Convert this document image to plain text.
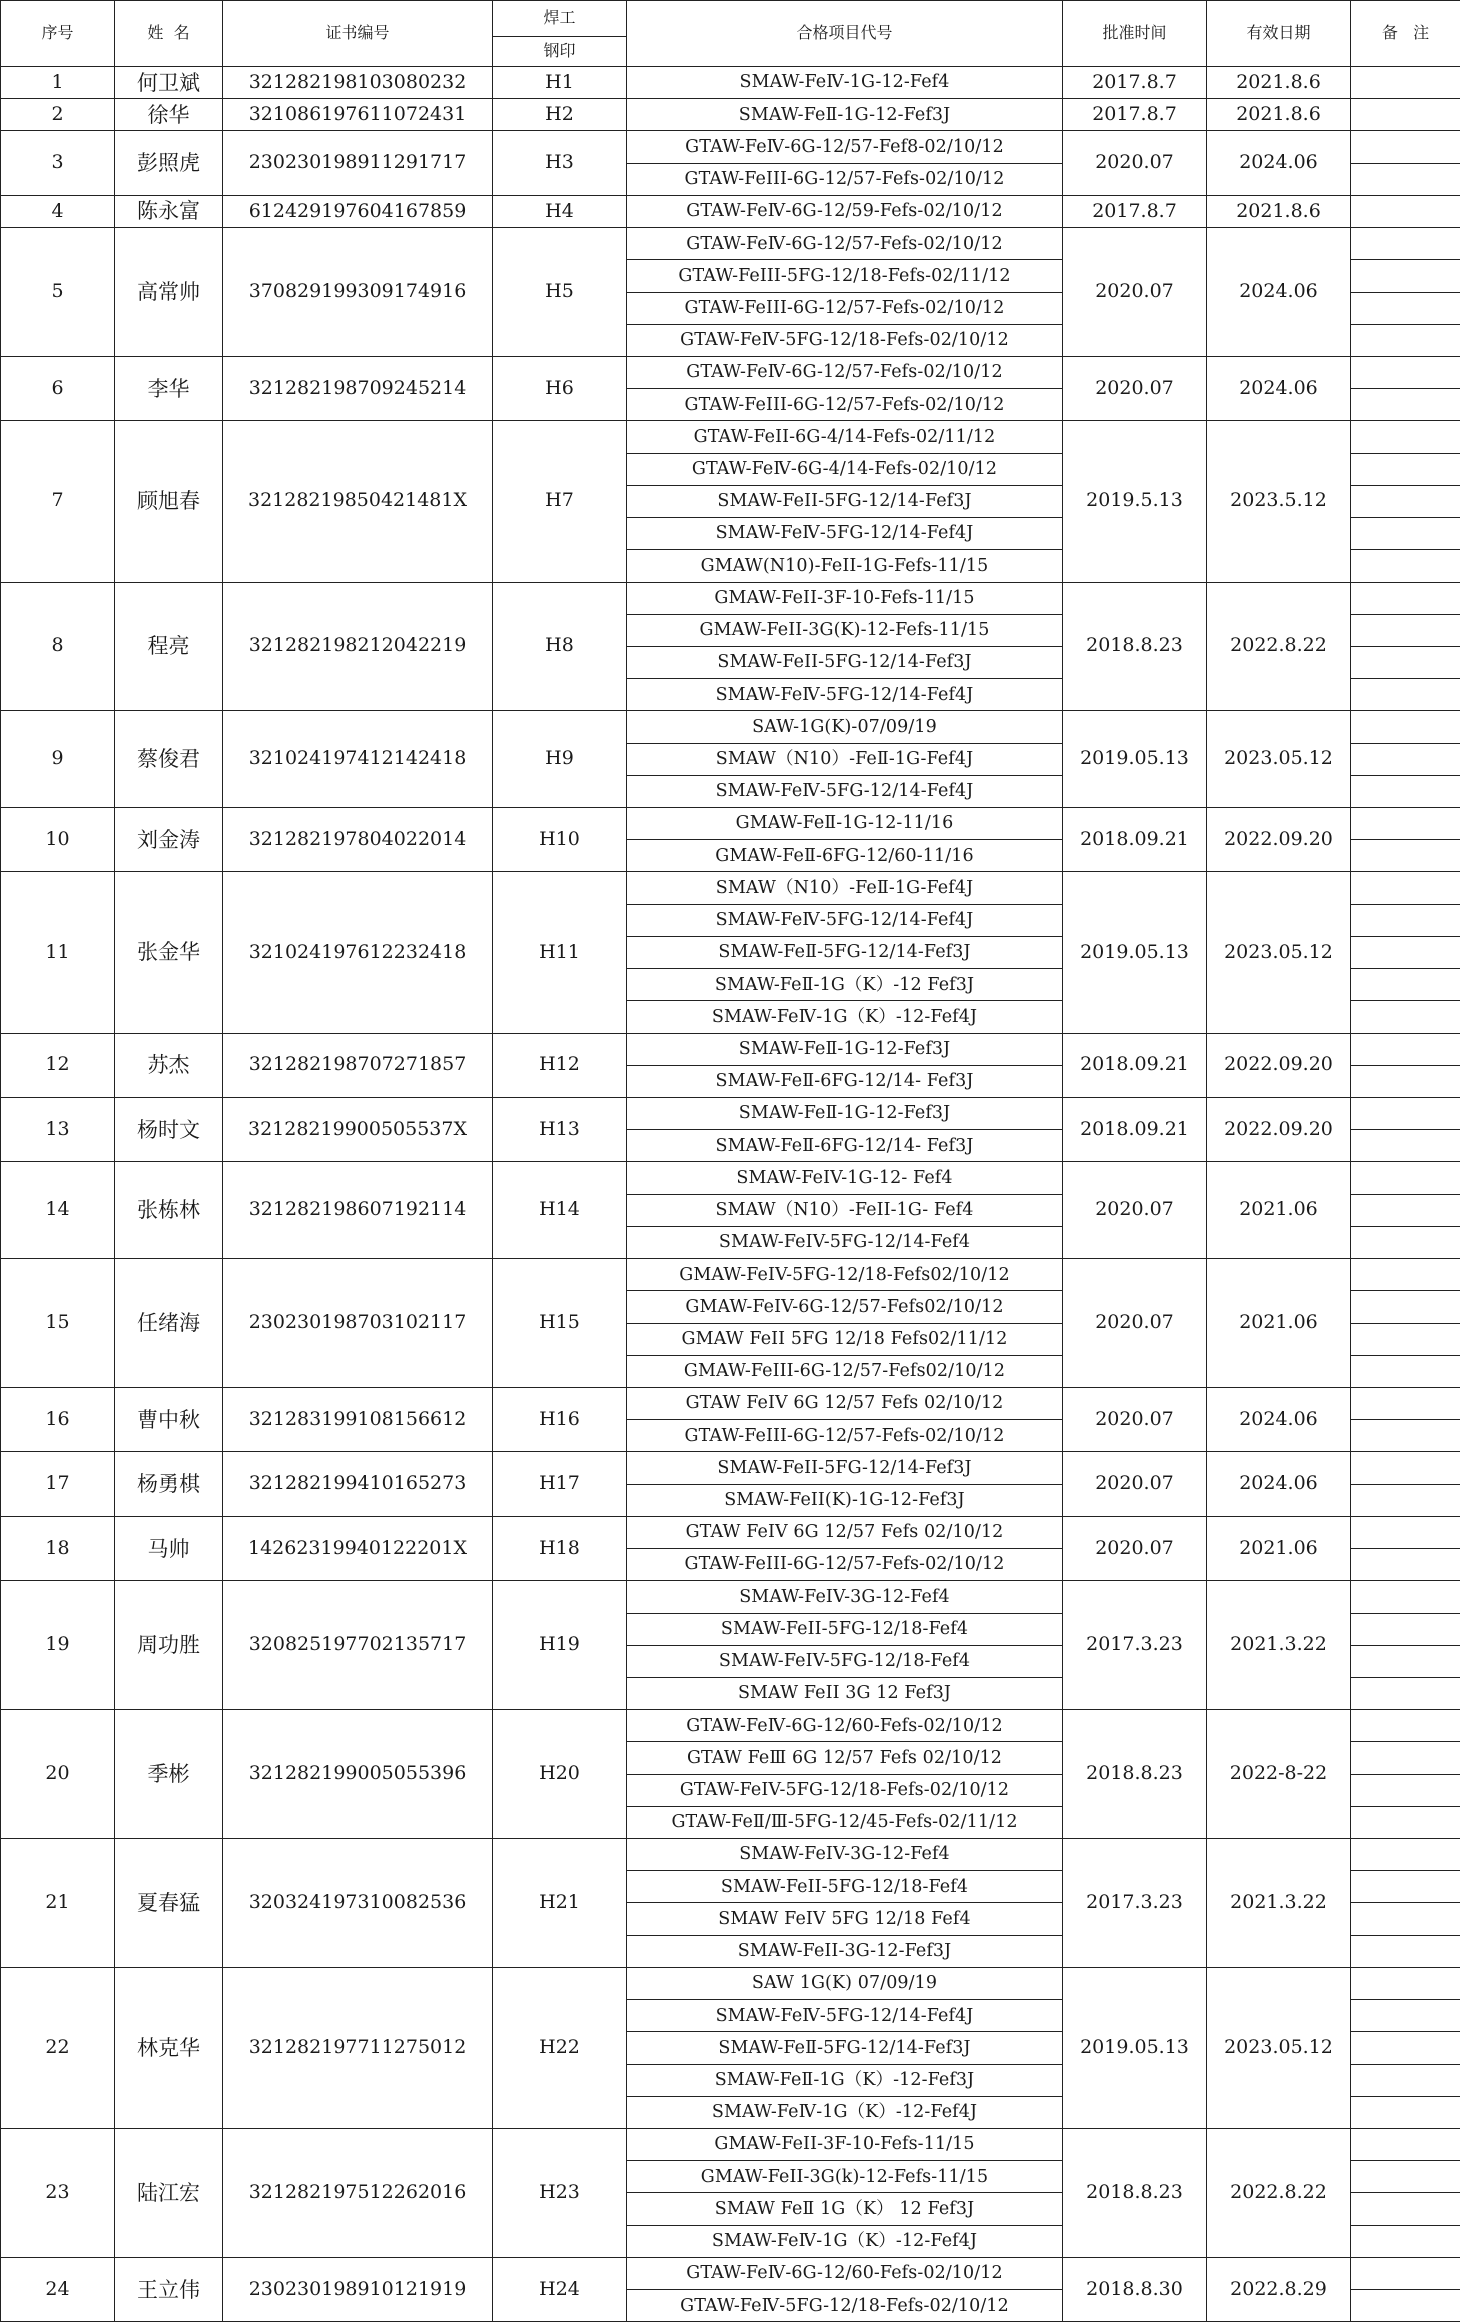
序号	姓  名	证书编号	焊工	合格项目代号	批准时间	有效日期	备   注
			钢印				
1	何卫斌	321282198103080232	H1	SMAW-FeⅣ-1G-12-Fef4	2017.8.7	2021.8.6	
2	徐华	321086197611072431	H2	SMAW-FeⅡ-1G-12-Fef3J	2017.8.7	2021.8.6	
3	彭照虎	230230198911291717	H3	GTAW-FeⅣ-6G-12/57-Fef8-02/10/12	2020.07	2024.06	
				GTAW-FeIII-6G-12/57-Fefs-02/10/12			
4	陈永富	612429197604167859	H4	GTAW-FeⅣ-6G-12/59-Fefs-02/10/12	2017.8.7	2021.8.6	
5	高常帅	370829199309174916	H5	GTAW-FeⅣ-6G-12/57-Fefs-02/10/12	2020.07	2024.06	
				GTAW-FeIII-5FG-12/18-Fefs-02/11/12			
				GTAW-FeIII-6G-12/57-Fefs-02/10/12			
				GTAW-FeⅣ-5FG-12/18-Fefs-02/10/12			
6	李华	321282198709245214	H6	GTAW-FeⅣ-6G-12/57-Fefs-02/10/12	2020.07	2024.06	
				GTAW-FeIII-6G-12/57-Fefs-02/10/12			
7	顾旭春	32128219850421481X	H7	GTAW-FeII-6G-4/14-Fefs-02/11/12	2019.5.13	2023.5.12	
				GTAW-FeⅣ-6G-4/14-Fefs-02/10/12			
				SMAW-FeII-5FG-12/14-Fef3J			
				SMAW-FeⅣ-5FG-12/14-Fef4J			
				GMAW(N10)-FeII-1G-Fefs-11/15			
8	程亮	321282198212042219	H8	GMAW-FeII-3F-10-Fefs-11/15	2018.8.23	2022.8.22	
				GMAW-FeII-3G(K)-12-Fefs-11/15			
				SMAW-FeII-5FG-12/14-Fef3J			
				SMAW-FeⅣ-5FG-12/14-Fef4J			
9	蔡俊君	321024197412142418	H9	SAW-1G(K)-07/09/19	2019.05.13	2023.05.12	
				SMAW（N10）-FeⅡ-1G-Fef4J			
				SMAW-FeⅣ-5FG-12/14-Fef4J			
10	刘金涛	321282197804022014	H10	GMAW-FeⅡ-1G-12-11/16	2018.09.21	2022.09.20	
				GMAW-FeⅡ-6FG-12/60-11/16			
11	张金华	321024197612232418	H11	SMAW（N10）-FeⅡ-1G-Fef4J	2019.05.13	2023.05.12	
				SMAW-FeⅣ-5FG-12/14-Fef4J			
				SMAW-FeⅡ-5FG-12/14-Fef3J			
				SMAW-FeⅡ-1G（K）-12 Fef3J			
				SMAW-FeⅣ-1G（K）-12-Fef4J			
12	苏杰	321282198707271857	H12	SMAW-FeⅡ-1G-12-Fef3J	2018.09.21	2022.09.20	
				SMAW-FeⅡ-6FG-12/14- Fef3J			
13	杨时文	32128219900505537X	H13	SMAW-FeⅡ-1G-12-Fef3J	2018.09.21	2022.09.20	
				SMAW-FeⅡ-6FG-12/14- Fef3J			
14	张栋林	321282198607192114	H14	SMAW-FeIV-1G-12- Fef4	2020.07	2021.06	
				SMAW（N10）-FeII-1G- Fef4			
				SMAW-FeIV-5FG-12/14-Fef4			
15	任绪海	230230198703102117	H15	GMAW-FeIV-5FG-12/18-Fefs02/10/12	2020.07	2021.06	
				GMAW-FeIV-6G-12/57-Fefs02/10/12			
				GMAW FeII 5FG 12/18 Fefs02/11/12			
				GMAW-FeIII-6G-12/57-Fefs02/10/12			
16	曹中秋	321283199108156612	H16	GTAW FeIV 6G 12/57 Fefs 02/10/12	2020.07	2024.06	
				GTAW-FeIII-6G-12/57-Fefs-02/10/12			
17	杨勇棋	321282199410165273	H17	SMAW-FeII-5FG-12/14-Fef3J	2020.07	2024.06	
				SMAW-FeII(K)-1G-12-Fef3J			
18	马帅	14262319940122201X	H18	GTAW FeIV 6G 12/57 Fefs 02/10/12	2020.07	2021.06	
				GTAW-FeIII-6G-12/57-Fefs-02/10/12			
19	周功胜	320825197702135717	H19	SMAW-FeIV-3G-12-Fef4	2017.3.23	2021.3.22	
				SMAW-FeII-5FG-12/18-Fef4			
				SMAW-FeIV-5FG-12/18-Fef4			
				SMAW FeII 3G 12 Fef3J			
20	季彬	321282199005055396	H20	GTAW-FeⅣ-6G-12/60-Fefs-02/10/12	2018.8.23	2022-8-22	
				GTAW FeⅢ 6G 12/57 Fefs 02/10/12			
				GTAW-FeIV-5FG-12/18-Fefs-02/10/12			
				GTAW-FeⅡ/Ⅲ-5FG-12/45-Fefs-02/11/12			
21	夏春猛	320324197310082536	H21	SMAW-FeIV-3G-12-Fef4	2017.3.23	2021.3.22	
				SMAW-FeII-5FG-12/18-Fef4			
				SMAW FeIV 5FG 12/18 Fef4			
				SMAW-FeII-3G-12-Fef3J			
22	林克华	321282197711275012	H22	SAW 1G(K) 07/09/19	2019.05.13	2023.05.12	
				SMAW-FeⅣ-5FG-12/14-Fef4J			
				SMAW-FeⅡ-5FG-12/14-Fef3J			
				SMAW-FeⅡ-1G（K）-12-Fef3J			
				SMAW-FeⅣ-1G（K）-12-Fef4J			
23	陆江宏	321282197512262016	H23	GMAW-FeII-3F-10-Fefs-11/15	2018.8.23	2022.8.22	
				GMAW-FeII-3G(k)-12-Fefs-11/15			
				SMAW FeⅡ 1G（K） 12 Fef3J			
				SMAW-FeⅣ-1G（K）-12-Fef4J			
24	王立伟	230230198910121919	H24	GTAW-FeⅣ-6G-12/60-Fefs-02/10/12	2018.8.30	2022.8.29	
				GTAW-FeⅣ-5FG-12/18-Fefs-02/10/12			
